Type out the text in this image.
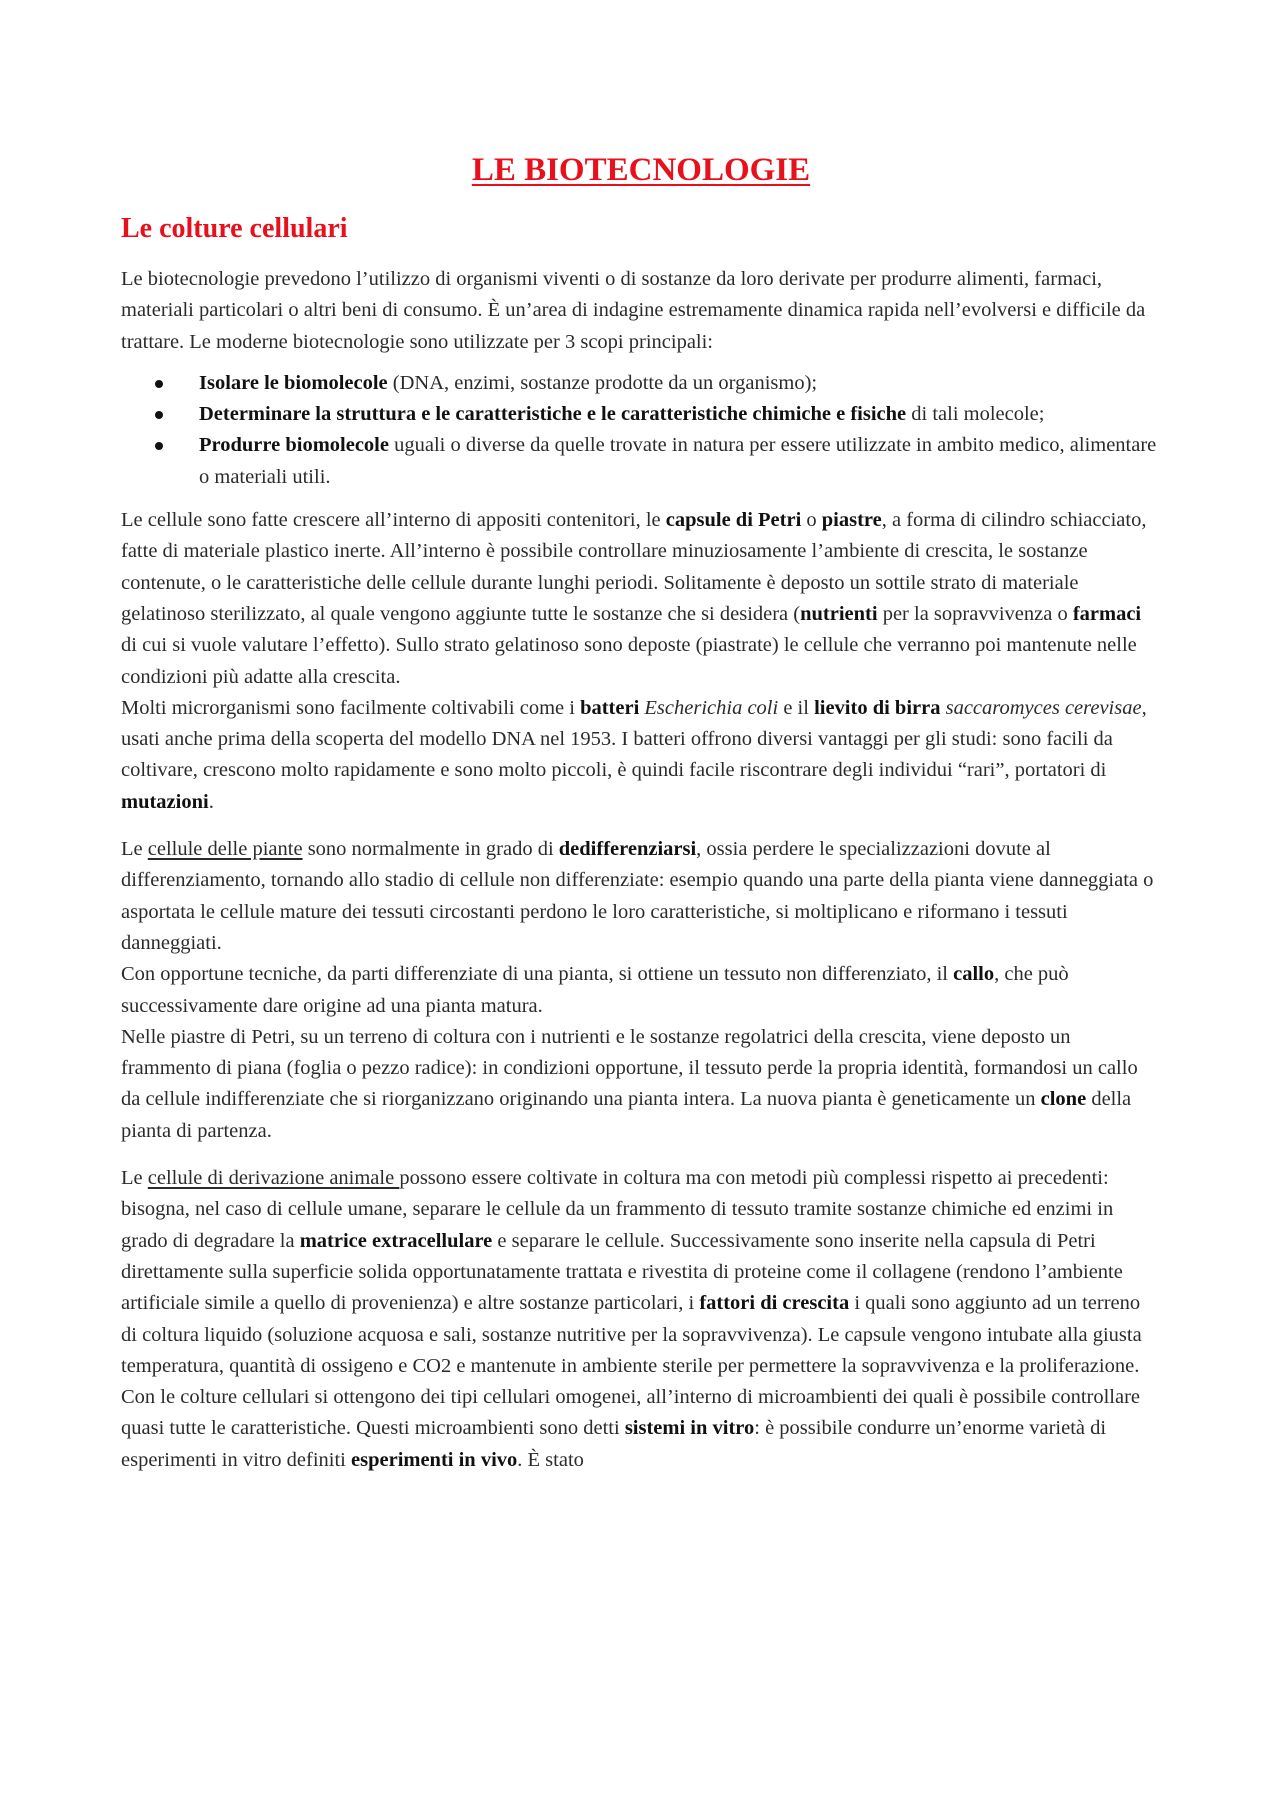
LE BIOTECNOLOGIE
Le colture cellulari

Le biotecnologie prevedono l’utilizzo di organismi viventi o di sostanze da loro derivate per produrre alimenti, farmaci, materiali particolari o altri beni di consumo. È un’area di indagine estremamente dinamica rapida nell’evolversi e difficile da trattare. Le moderne biotecnologie sono utilizzate per 3 scopi principali:

Isolare le biomolecole (DNA, enzimi, sostanze prodotte da un organismo);
Determinare la struttura e le caratteristiche e le caratteristiche chimiche e fisiche di tali molecole;
Produrre biomolecole uguali o diverse da quelle trovate in natura per essere utilizzate in ambito medico, alimentare o materiali utili.

Le cellule sono fatte crescere all’interno di appositi contenitori, le capsule di Petri o piastre, a forma di cilindro schiacciato, fatte di materiale plastico inerte. All’interno è possibile controllare minuziosamente l’ambiente di crescita, le sostanze contenute, o le caratteristiche delle cellule durante lunghi periodi. Solitamente è deposto un sottile strato di materiale gelatinoso sterilizzato, al quale vengono aggiunte tutte le sostanze che si desidera (nutrienti per la sopravvivenza o farmaci di cui si vuole valutare l’effetto). Sullo strato gelatinoso sono deposte (piastrate) le cellule che verranno poi mantenute nelle condizioni più adatte alla crescita.

Molti microrganismi sono facilmente coltivabili come i batteri Escherichia coli e il lievito di birra saccaromyces cerevisae, usati anche prima della scoperta del modello DNA nel 1953. I batteri offrono diversi vantaggi per gli studi: sono facili da coltivare, crescono molto rapidamente e sono molto piccoli, è quindi facile riscontrare degli individui “rari”, portatori di mutazioni.

Le cellule delle piante sono normalmente in grado di dedifferenziarsi, ossia perdere le specializzazioni dovute al differenziamento, tornando allo stadio di cellule non differenziate: esempio quando una parte della pianta viene danneggiata o asportata le cellule mature dei tessuti circostanti perdono le loro caratteristiche, si moltiplicano e riformano i tessuti danneggiati.

Con opportune tecniche, da parti differenziate di una pianta, si ottiene un tessuto non differenziato, il callo, che può successivamente dare origine ad una pianta matura.

Nelle piastre di Petri, su un terreno di coltura con i nutrienti e le sostanze regolatrici della crescita, viene deposto un frammento di piana (foglia o pezzo radice): in condizioni opportune, il tessuto perde la propria identità, formandosi un callo da cellule indifferenziate che si riorganizzano originando una pianta intera. La nuova pianta è geneticamente un clone della pianta di partenza.

Le cellule di derivazione animale possono essere coltivate in coltura ma con metodi più complessi rispetto ai precedenti: bisogna, nel caso di cellule umane, separare le cellule da un frammento di tessuto tramite sostanze chimiche ed enzimi in grado di degradare la matrice extracellulare e separare le cellule. Successivamente sono inserite nella capsula di Petri direttamente sulla superficie solida opportunatamente trattata e rivestita di proteine come il collagene (rendono l’ambiente artificiale simile a quello di provenienza) e altre sostanze particolari, i fattori di crescita i quali sono aggiunto ad un terreno di coltura liquido (soluzione acquosa e sali, sostanze nutritive per la sopravvivenza). Le capsule vengono intubate alla giusta temperatura, quantità di ossigeno e CO2 e mantenute in ambiente sterile per permettere la sopravvivenza e la proliferazione.

Con le colture cellulari si ottengono dei tipi cellulari omogenei, all’interno di microambienti dei quali è possibile controllare quasi tutte le caratteristiche. Questi microambienti sono detti sistemi in vitro: è possibile condurre un’enorme varietà di esperimenti in vitro definiti esperimenti in vivo. È stato
